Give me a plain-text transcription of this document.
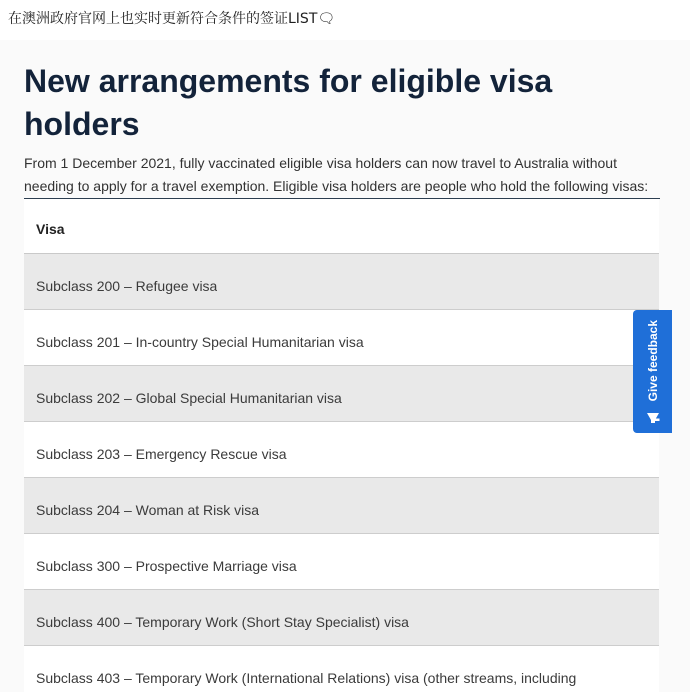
在澳洲政府官网上也实时更新符合条件的签证LIST🗨
New arrangements for eligible visa holders

From 1 December 2021, fully vaccinated eligible visa holders can now travel to Australia without needing to apply for a travel exemption. Eligible visa holders are people who hold the following visas:

Visa
Subclass 200 – Refugee visa
Subclass 201 – In-country Special Humanitarian visa
Subclass 202 – Global Special Humanitarian visa
Subclass 203 – Emergency Rescue visa
Subclass 204 – Woman at Risk visa
Subclass 300 – Prospective Marriage visa
Subclass 400 – Temporary Work (Short Stay Specialist) visa
Subclass 403 – Temporary Work (International Relations) visa (other streams, including
Give feedback
